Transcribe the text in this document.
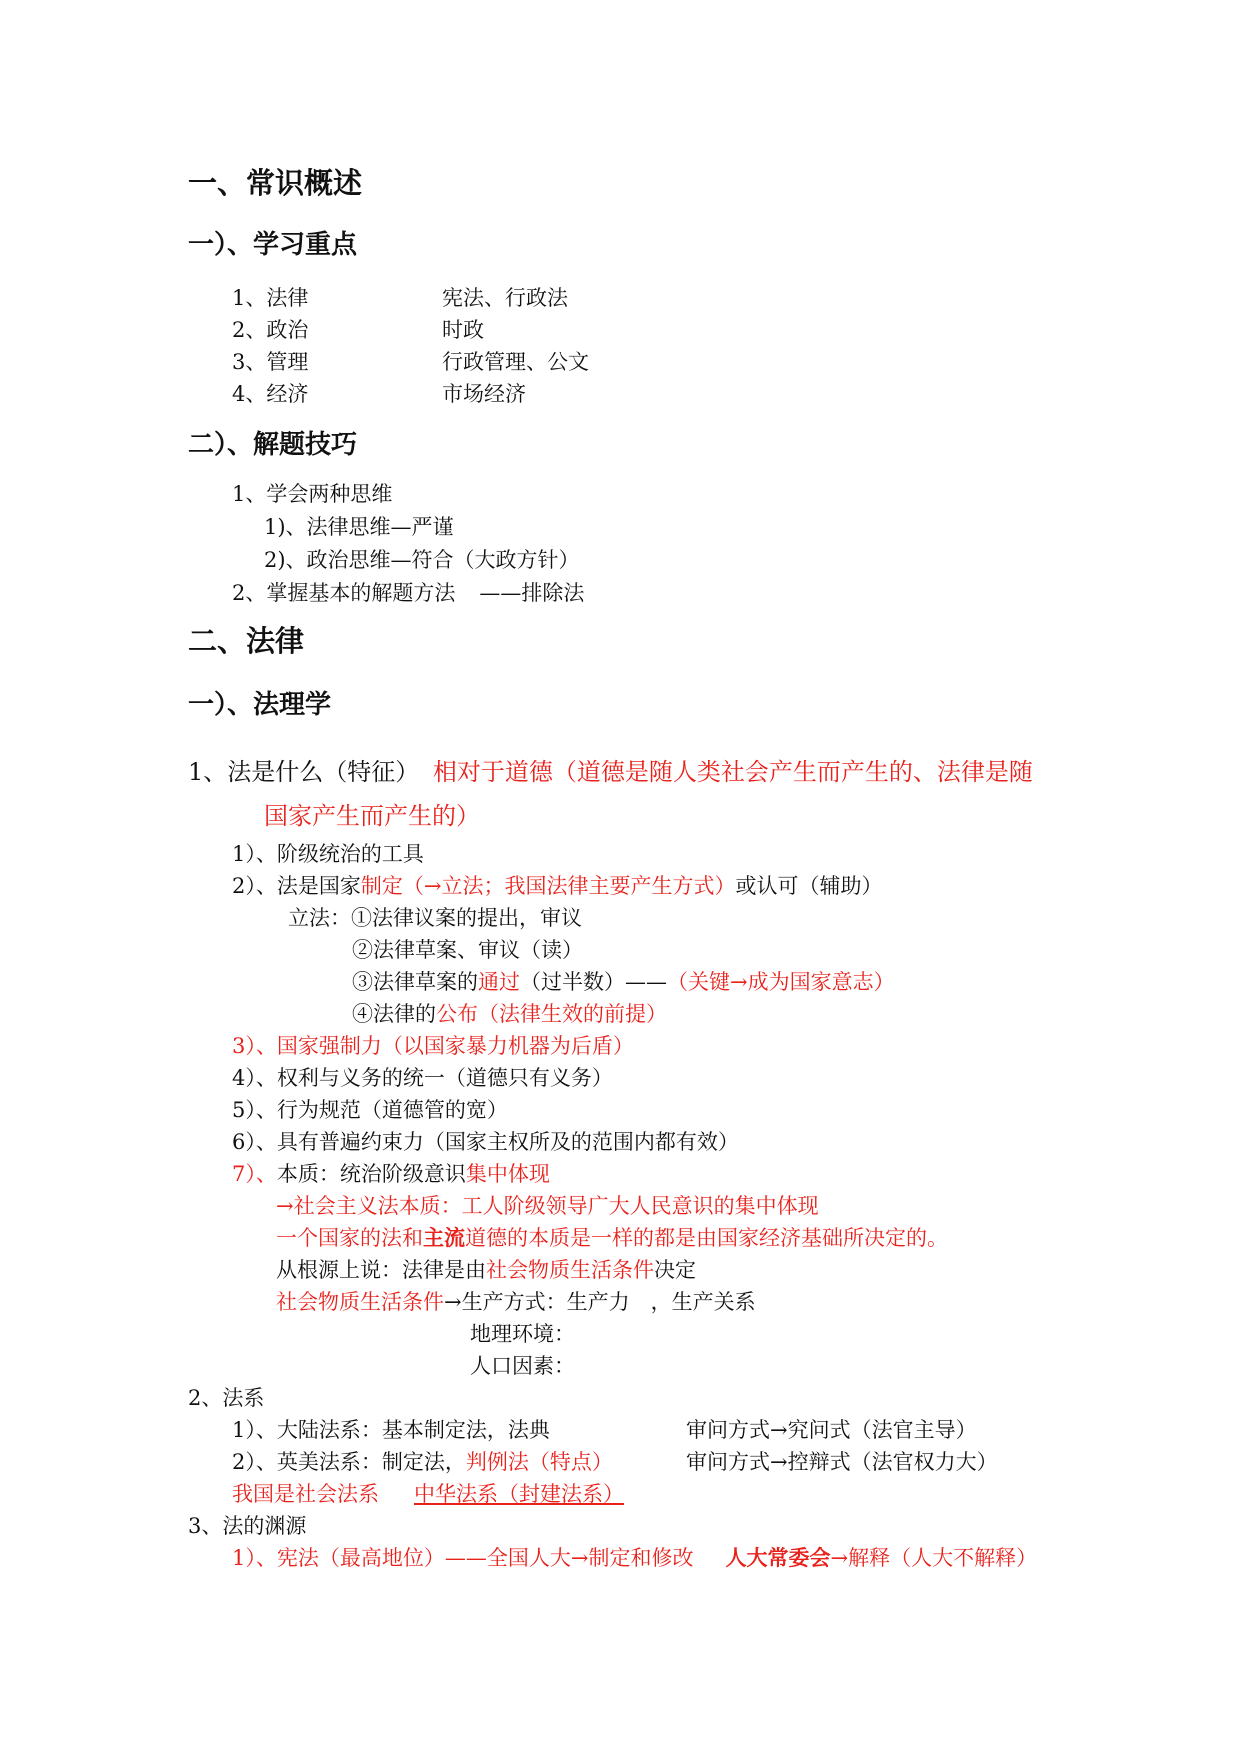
一、常识概述
一）、学习重点
1、法律	宪法、行政法
2、政治	时政
3、管理	行政管理、公文
4、经济	市场经济
二）、解题技巧
1、学会两种思维
1)、法律思维—严谨
2)、政治思维—符合（大政方针）
2、掌握基本的解题方法 ——排除法
二、法律
一）、法理学
1、法是什么（特征） 相对于道德（道德是随人类社会产生而产生的、法律是随
国家产生而产生的）
1）、阶级统治的工具
2）、法是国家制定（→立法；我国法律主要产生方式）或认可（辅助）
立法：①法律议案的提出，审议
②法律草案、审议（读）
③法律草案的通过（过半数）——（关键→成为国家意志）
④法律的公布（法律生效的前提）
3）、国家强制力（以国家暴力机器为后盾）
4）、权利与义务的统一（道德只有义务）
5）、行为规范（道德管的宽）
6）、具有普遍约束力（国家主权所及的范围内都有效）
7）、本质：统治阶级意识集中体现
→社会主义法本质：工人阶级领导广大人民意识的集中体现
一个国家的法和主流道德的本质是一样的都是由国家经济基础所决定的。
从根源上说：法律是由社会物质生活条件决定
社会物质生活条件→生产方式：生产力　，生产关系
地理环境：
人口因素：
2、法系
1）、大陆法系：基本制定法，法典	审问方式→究问式（法官主导）
2）、英美法系：制定法，判例法（特点）	审问方式→控辩式（法官权力大）
我国是社会法系 中华法系（封建法系）
3、法的渊源
1）、宪法（最高地位）——全国人大→制定和修改 人大常委会→解释（人大不解释）
